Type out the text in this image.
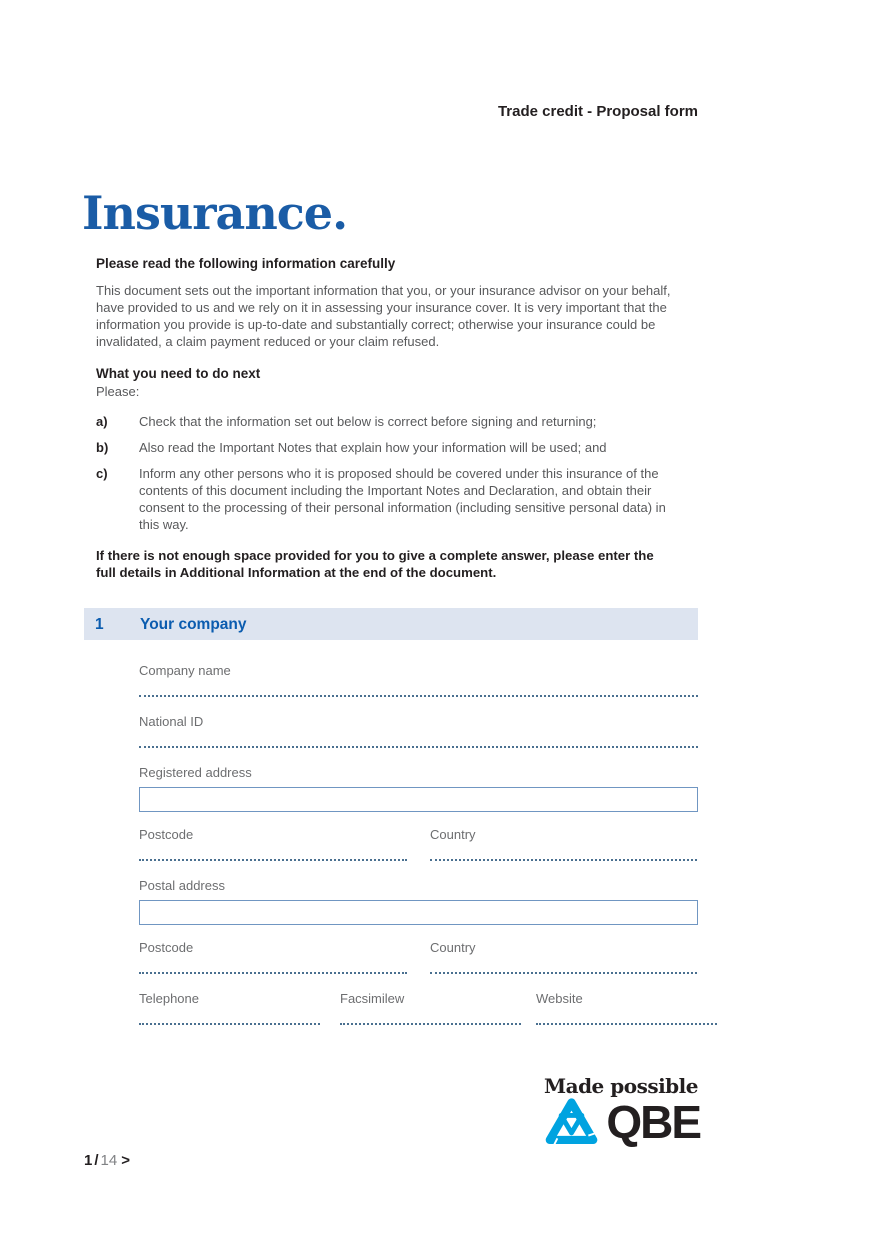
Trade credit - Proposal form
Insurance.
Please read the following information carefully

This document sets out the important information that you, or your insurance advisor on your behalf, have provided to us and we rely on it in assessing your insurance cover. It is very important that the information you provide is up-to-date and substantially correct; otherwise your insurance could be invalidated, a claim payment reduced or your claim refused.

What you need to do next
Please:
a)	Check that the information set out below is correct before signing and returning;
b)	Also read the Important Notes that explain how your information will be used; and
c)	Inform any other persons who it is proposed should be covered under this insurance of the contents of this document including the Important Notes and Declaration, and obtain their consent to the processing of their personal information (including sensitive personal data) in this way.
If there is not enough space provided for you to give a complete answer, please enter the full details in Additional Information at the end of the document.
1	Your company
Company name
National ID
Registered address
Postcode	Country
Postal address
Postcode	Country
Telephone	Facsimilew	Website
Made possible
QBE
1 / 14 >
